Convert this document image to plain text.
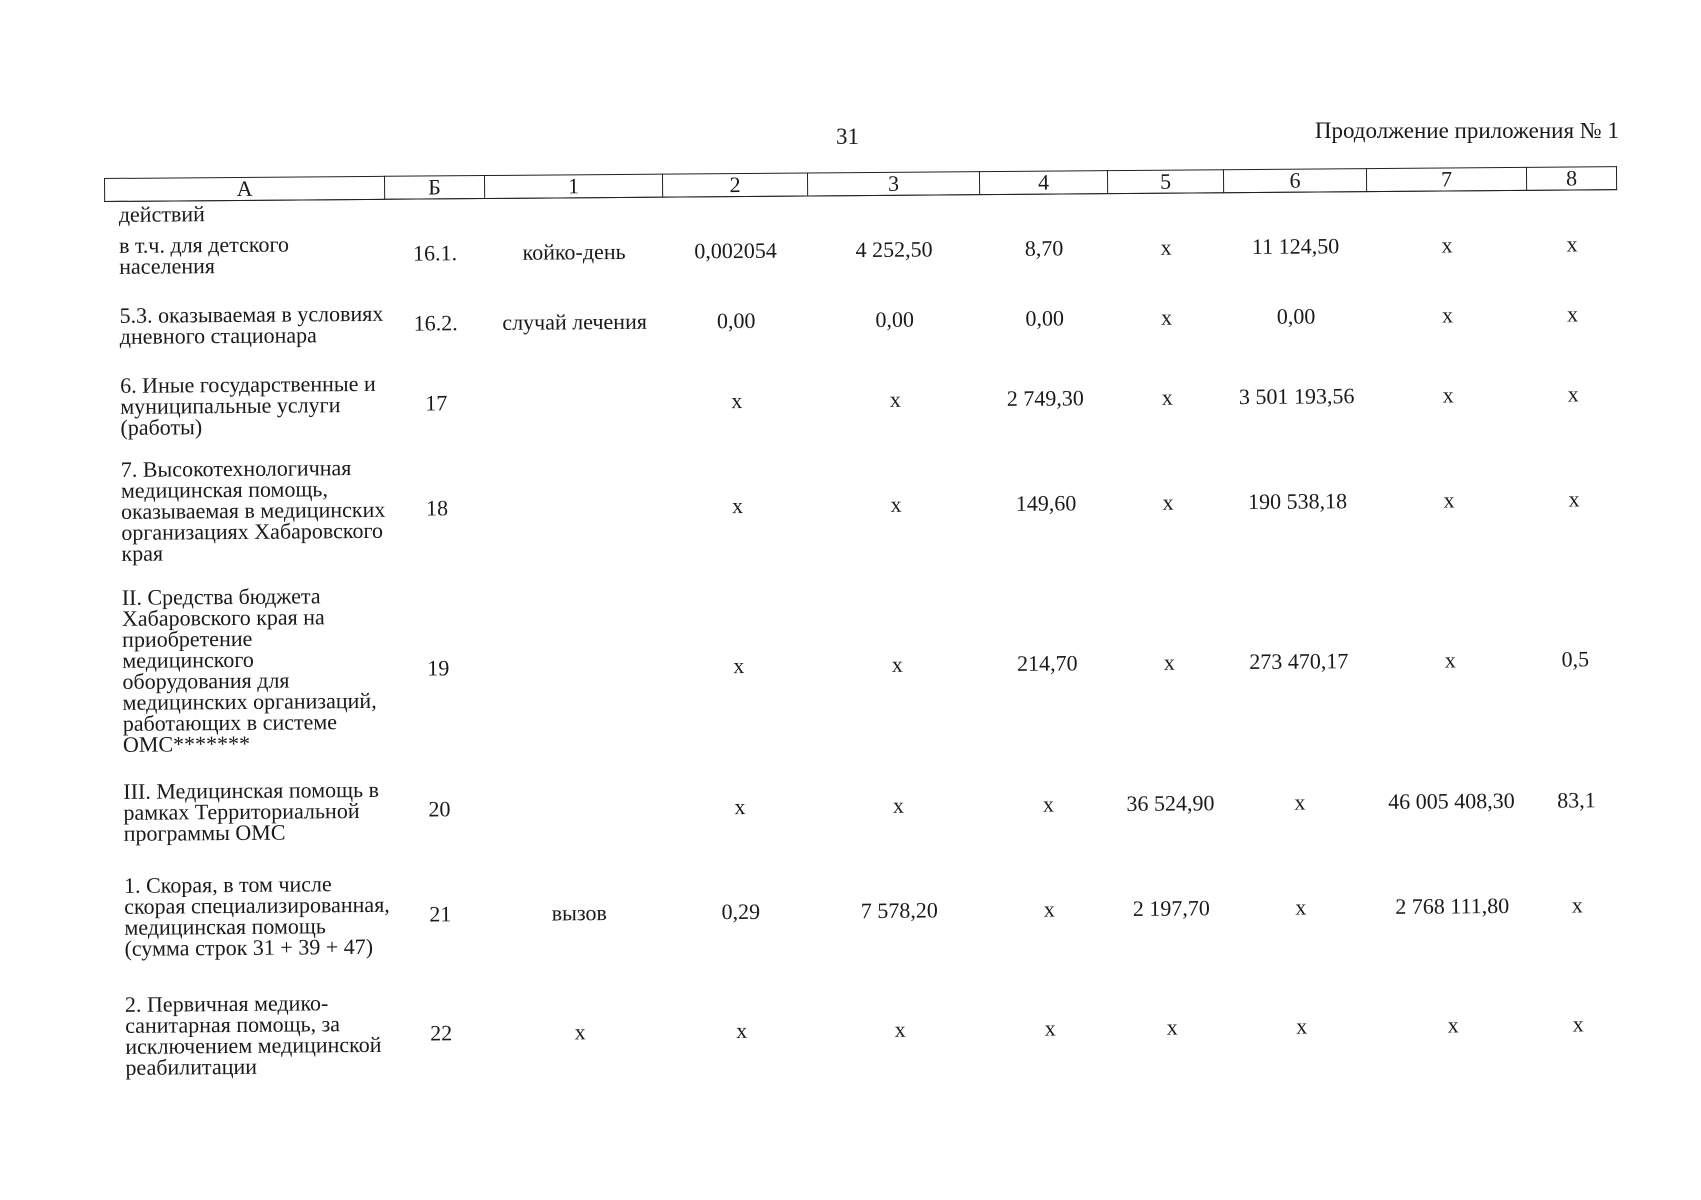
31	Продолжение приложения № 1
А	Б	1	2	3	4	5	6	7	8
действий									
в т.ч. для детского населения	16.1.	койко-день	0,002054	4 252,50	8,70	х	11 124,50	х	х
5.3. оказываемая в условиях дневного стационара	16.2.	случай лечения	0,00	0,00	0,00	х	0,00	х	х
6. Иные государственные и муниципальные услуги (работы)	17		х	х	2 749,30	х	3 501 193,56	х	х
7. Высокотехнологичная медицинская помощь, оказываемая в медицинских организациях Хабаровского края	18		х	х	149,60	х	190 538,18	х	х
II. Средства бюджета Хабаровского края на приобретение медицинского оборудования для медицинских организаций, работающих в системе ОМС*******	19		х	х	214,70	х	273 470,17	х	0,5
III. Медицинская помощь в рамках Территориальной программы ОМС	20		х	х	х	36 524,90	х	46 005 408,30	83,1
1. Скорая, в том числе скорая специализированная, медицинская помощь (сумма строк 31 + 39 + 47)	21	вызов	0,29	7 578,20	х	2 197,70	х	2 768 111,80	х
2. Первичная медико-санитарная помощь, за исключением медицинской реабилитации	22	х	х	х	х	х	х	х	х
